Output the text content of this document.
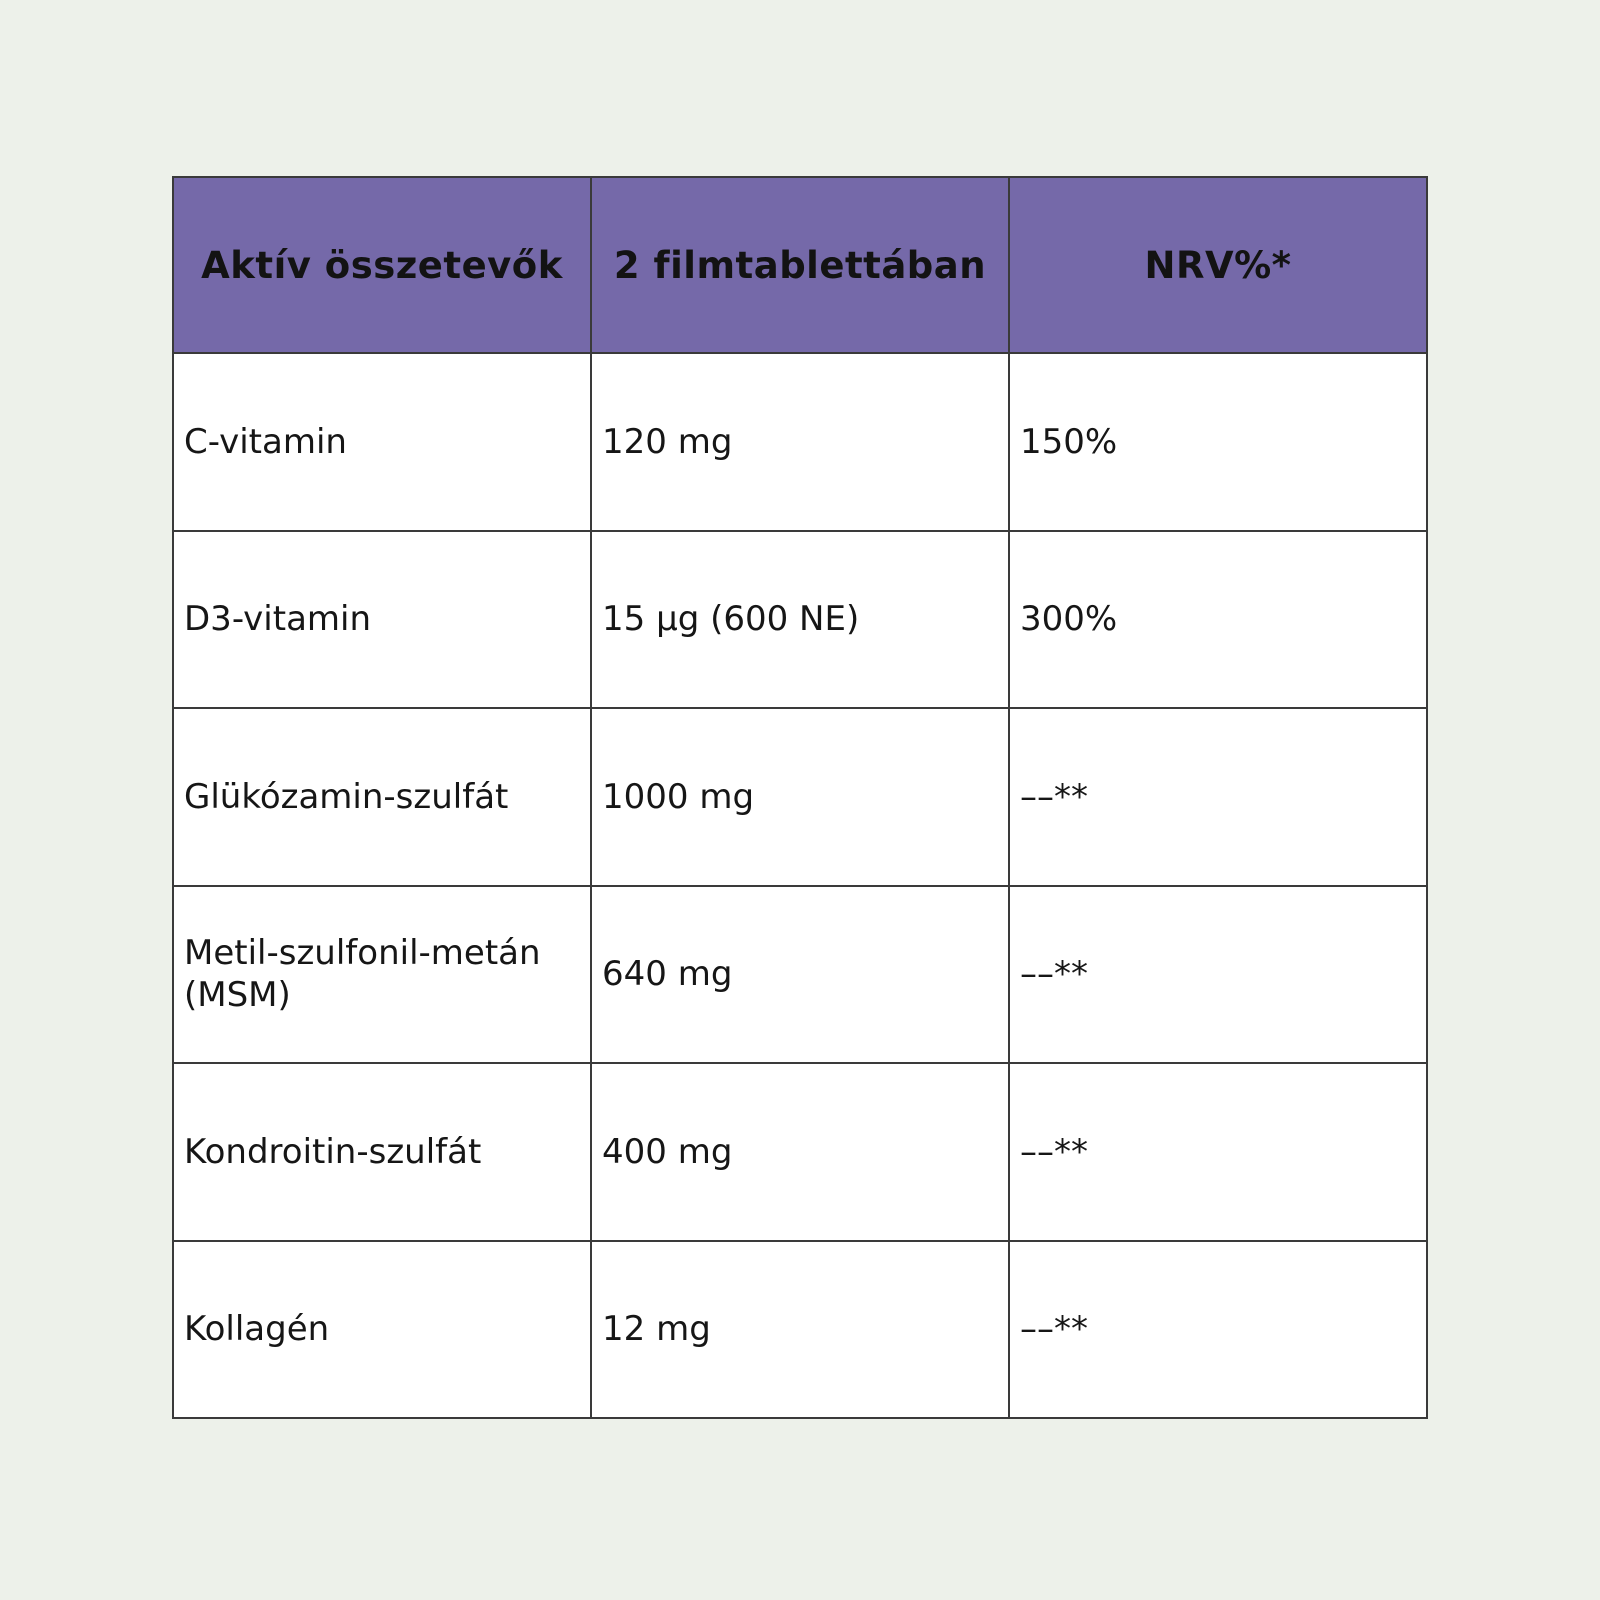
Aktív összetevők	2 filmtablettában	NRV%*
C-vitamin	120 mg	150%
D3-vitamin	15 µg (600 NE)	300%
Glükózamin-szulfát	1000 mg	––**
Metil-szulfonil-metán (MSM)	640 mg	––**
Kondroitin-szulfát	400 mg	––**
Kollagén	12 mg	––**
